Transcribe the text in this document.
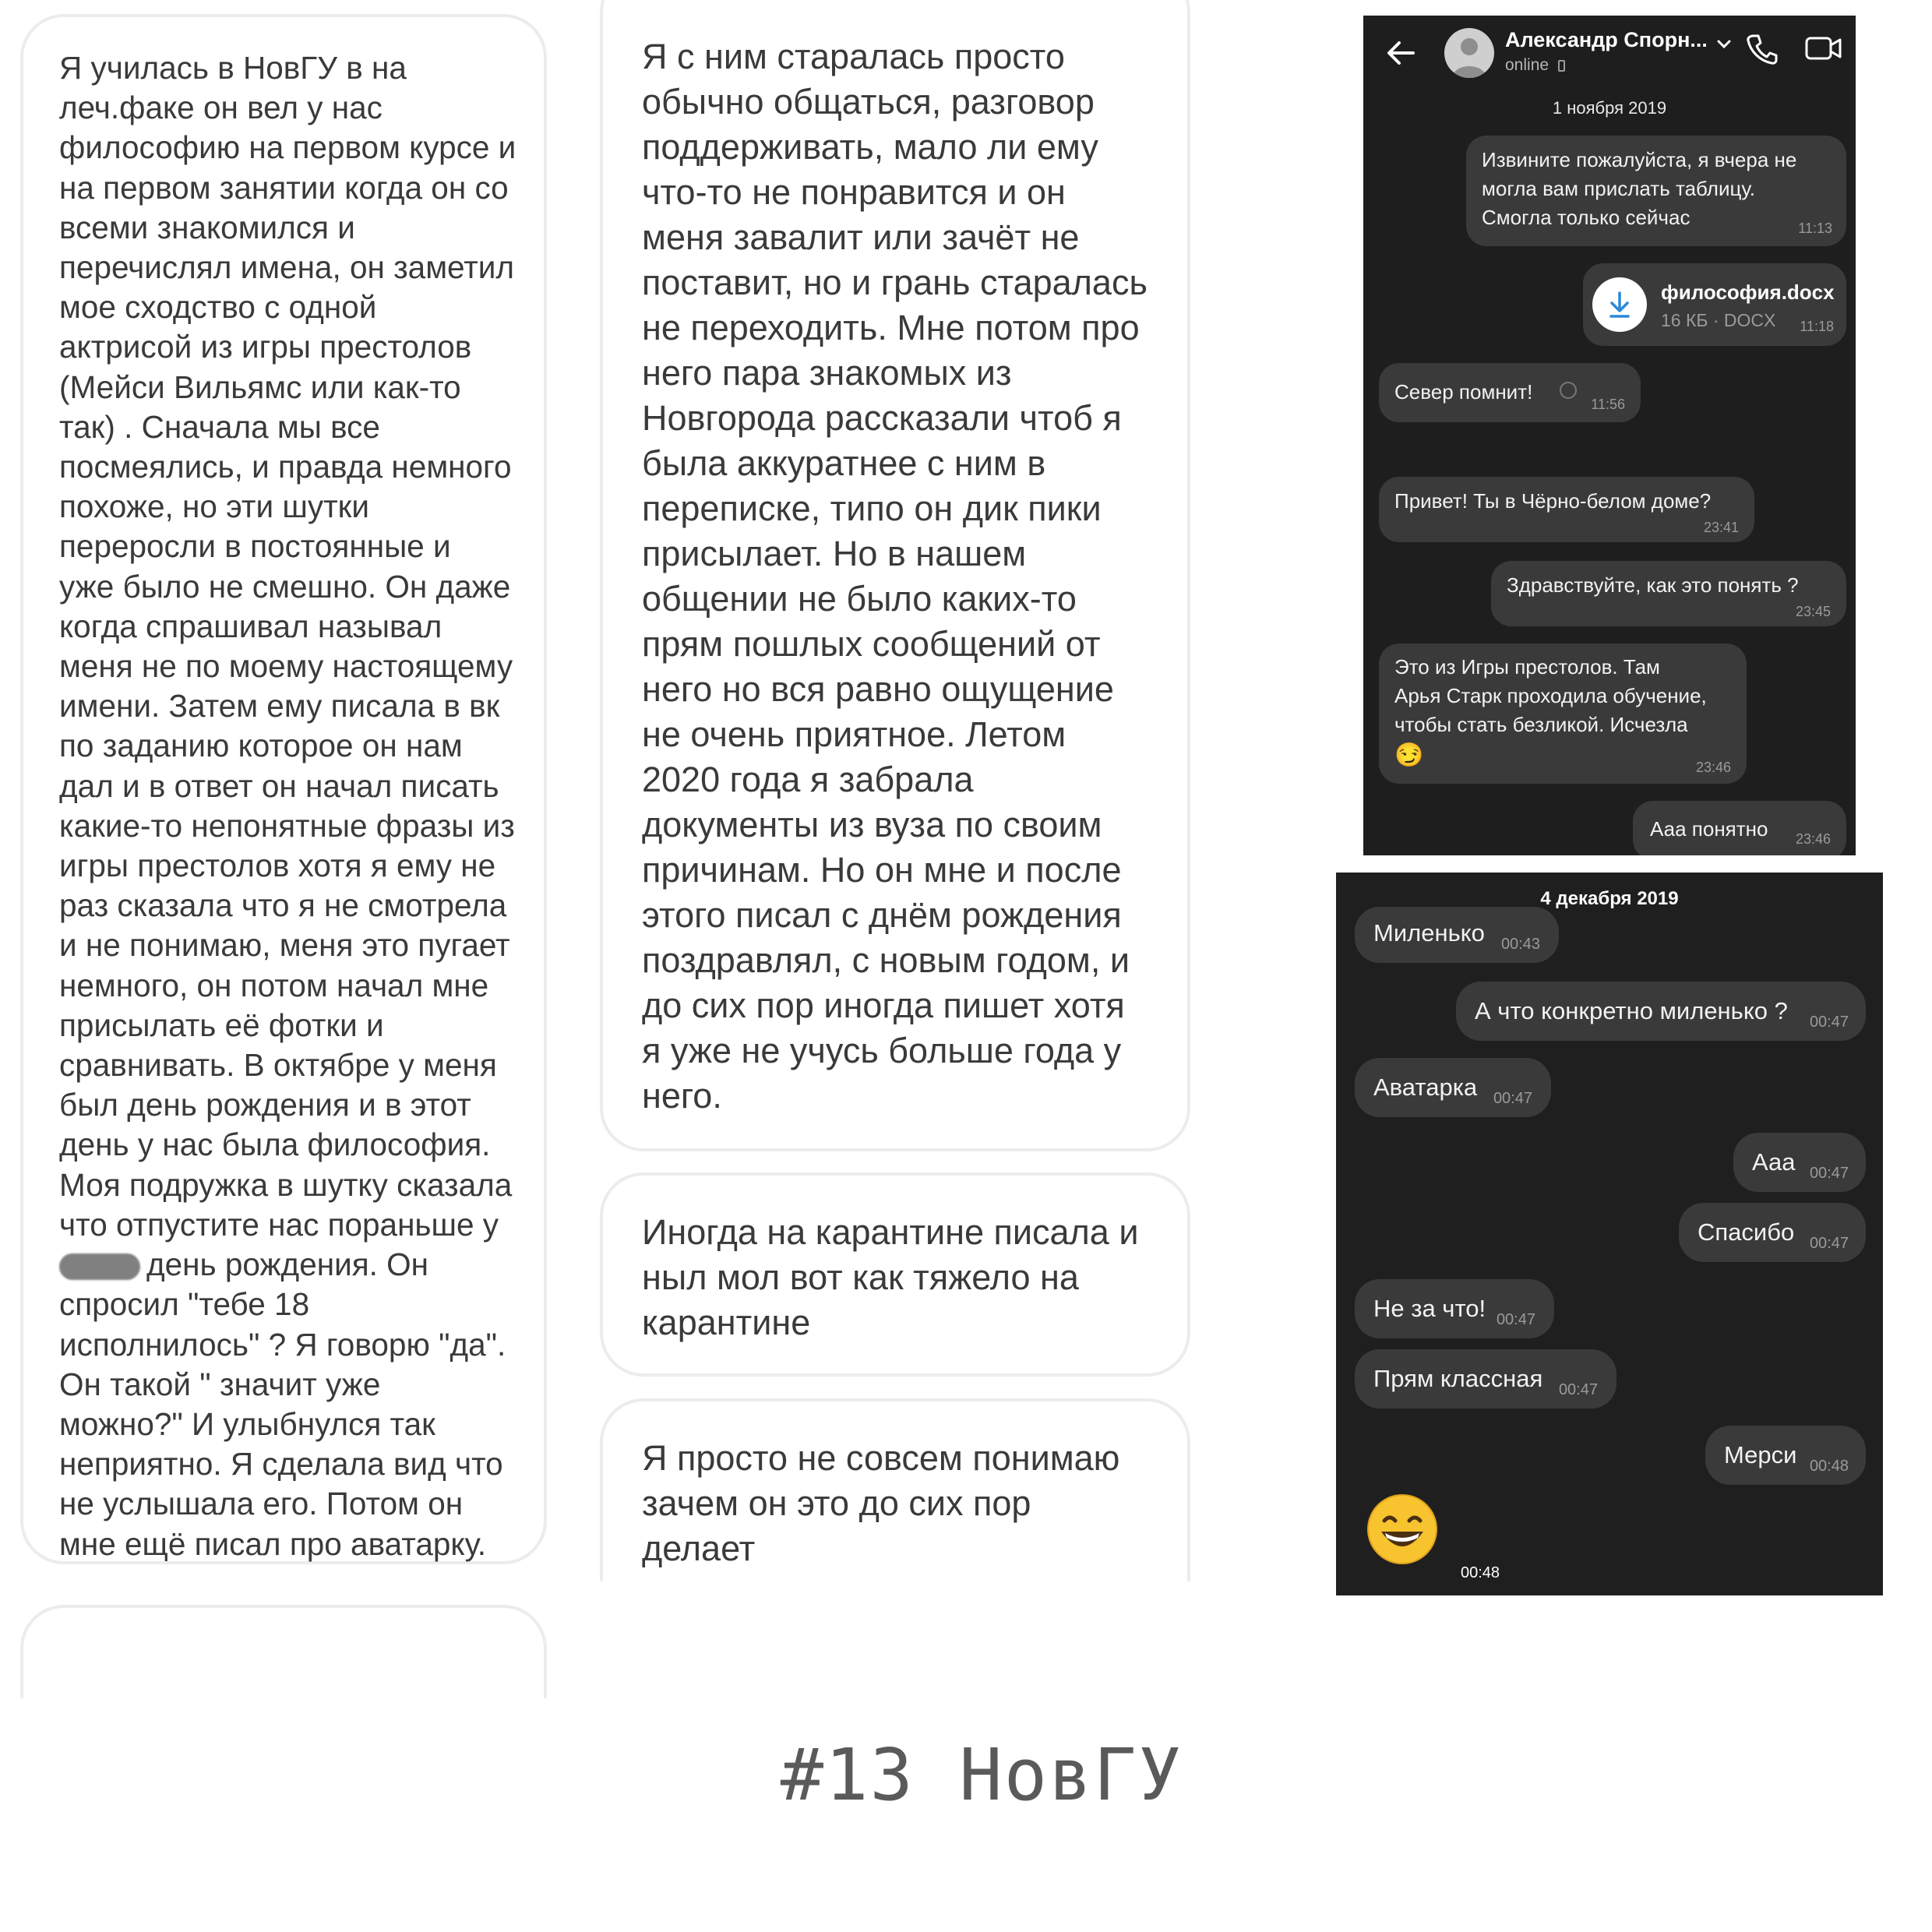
Я училась в НовГУ в на
леч.факе он вел у нас
философию на первом курсе и
на первом занятии когда он со
всеми знакомился и
перечислял имена, он заметил
мое сходство с одной
актрисой из игры престолов
(Мейси Вильямс или как-то
так) . Сначала мы все
посмеялись, и правда немного
похоже, но эти шутки
переросли в постоянные и
уже было не смешно. Он даже
когда спрашивал называл
меня не по моему настоящему
имени. Затем ему писала в вк
по заданию которое он нам
дал и в ответ он начал писать
какие-то непонятные фразы из
игры престолов хотя я ему не
раз сказала что я не смотрела
и не понимаю, меня это пугает
немного, он потом начал мне
присылать её фотки и
сравнивать. В октябре у меня
был день рождения и в этот
день у нас была философия.
Моя подружка в шутку сказала
что отпустите нас пораньше у
день рождения. Он
спросил "тебе 18
исполнилось" ? Я говорю "да".
Он такой " значит уже
можно?" И улыбнулся так
неприятно. Я сделала вид что
не услышала его. Потом он
мне ещё писал про аватарку.
Я с ним старалась просто
обычно общаться, разговор
поддерживать, мало ли ему
что-то не понравится и он
меня завалит или зачёт не
поставит, но и грань старалась
не переходить. Мне потом про
него пара знакомых из
Новгорода рассказали чтоб я
была аккуратнее с ним в
переписке, типо он дик пики
присылает. Но в нашем
общении не было каких-то
прям пошлых сообщений от
него но вся равно ощущение
не очень приятное. Летом
2020 года я забрала
документы из вуза по своим
причинам. Но он мне и после
этого писал с днём рождения
поздравлял, с новым годом, и
до сих пор иногда пишет хотя
я уже не учусь больше года у
него.
Иногда на карантине писала и
ныл мол вот как тяжело на
карантине
Я просто не совсем понимаю
зачем он это до сих пор
делает
Александр Спорн...
online
1 ноября 2019
Извините пожалуйста, я вчера не
могла вам прислать таблицу.
Смогла только сейчас	11:13
философия.docx
16 КБ · DOCX 11:18
Север помнит!
11:56
Привет! Ты в Чёрно-белом доме?
23:41
Здравствуйте, как это понять ?
23:45
Это из Игры престолов. Там
Арья Старк проходила обучение,
чтобы стать безликой. Исчезла
😏	23:46
Ааа понятно 23:46
4 декабря 2019
Миленько 00:43
А что конкретно миленько ? 00:47
Аватарка 00:47
Ааа 00:47
Спасибо 00:47
Не за что! 00:47
Прям классная 00:47
Мерси 00:48
00:48
#13 НовГУ
